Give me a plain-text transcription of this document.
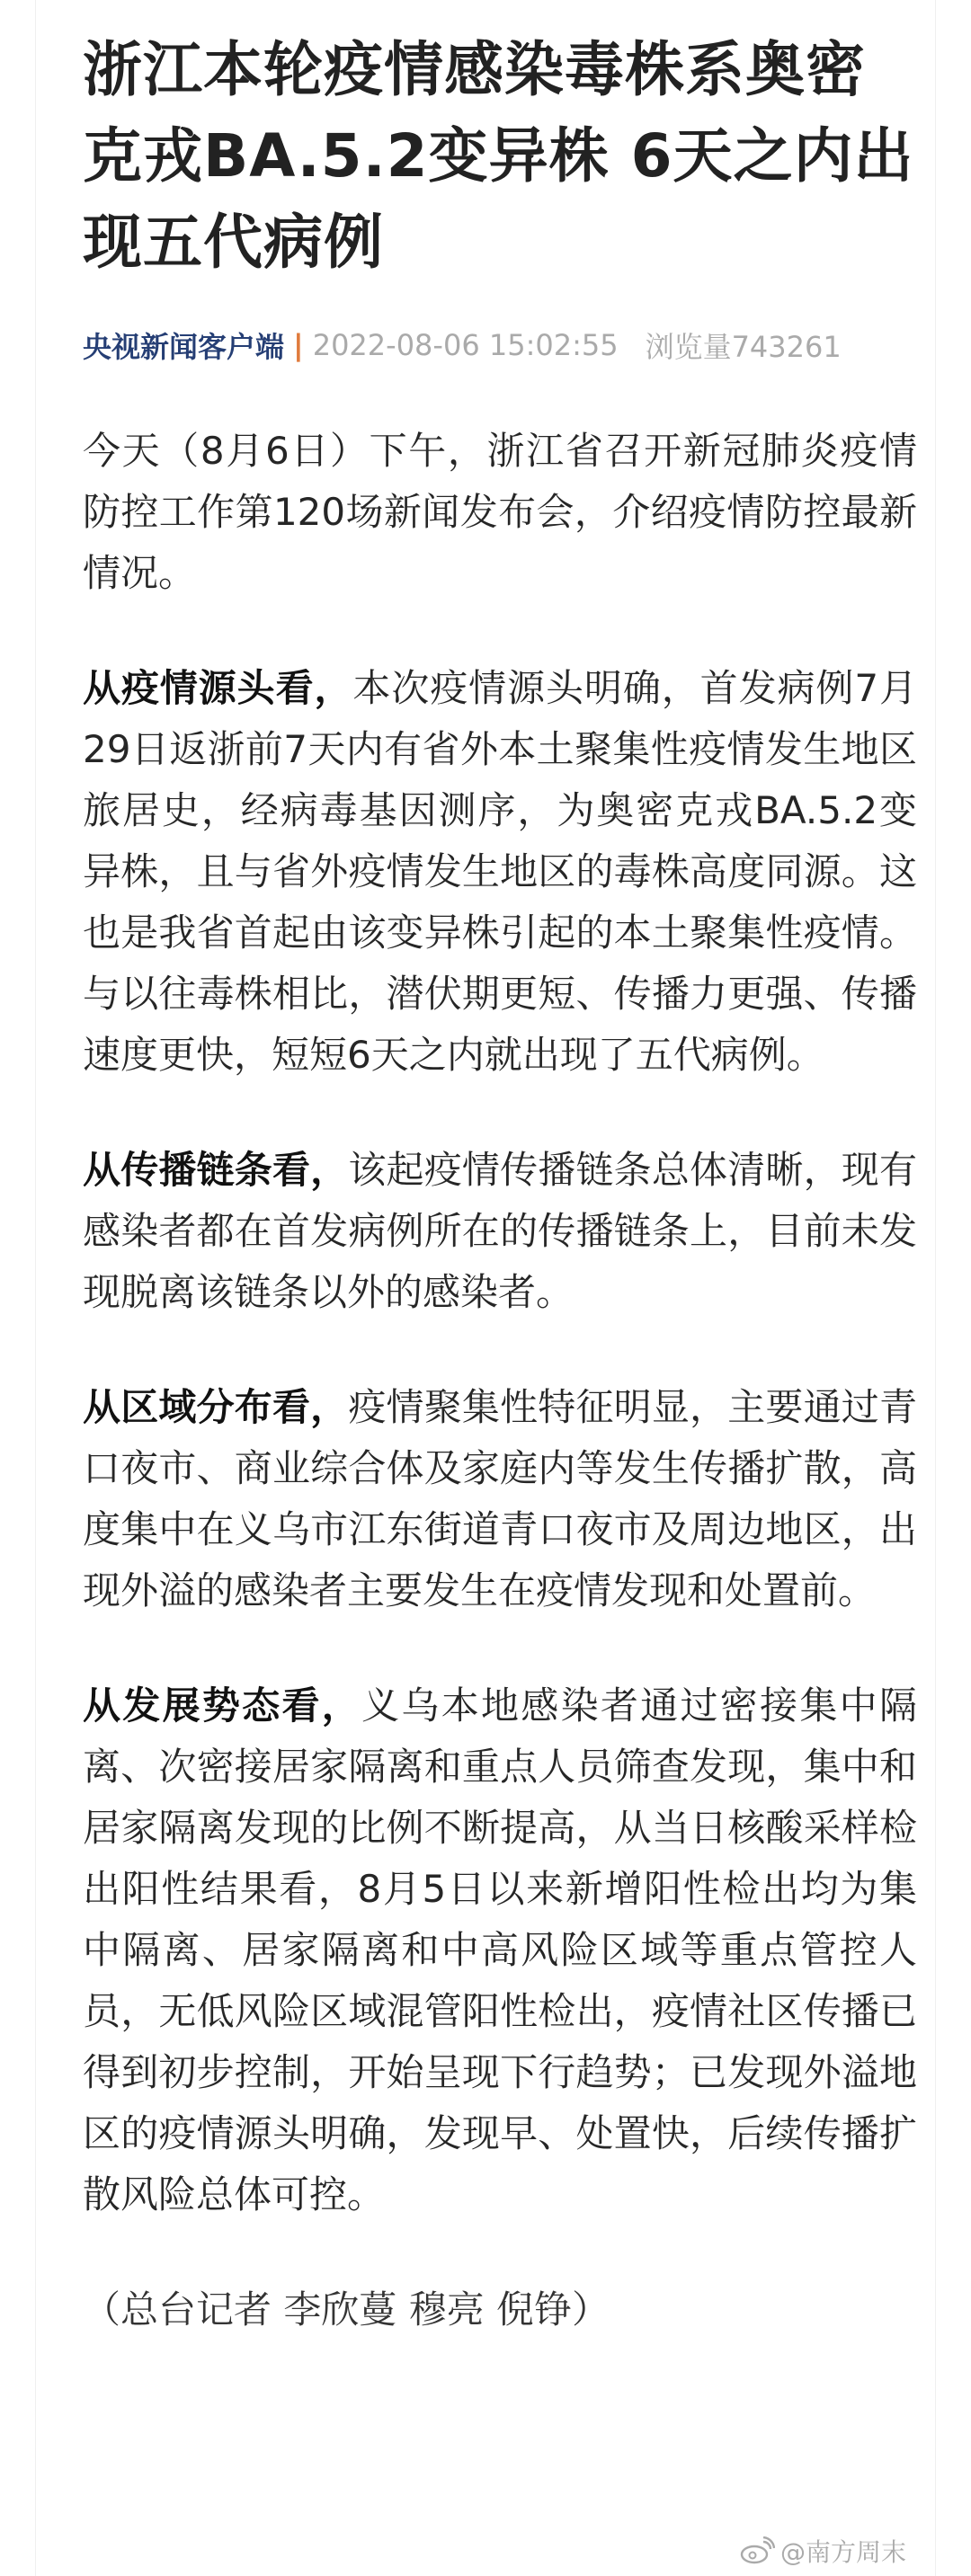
浙江本轮疫情感染毒株系奥密克戎BA.5.2变异株 6天之内出现五代病例
央视新闻客户端 | 2022-08-06 15:02:55 浏览量743261

今天（8月6日）下午，浙江省召开新冠肺炎疫情防控工作第120场新闻发布会，介绍疫情防控最新情况。

从疫情源头看，本次疫情源头明确，首发病例7月29日返浙前7天内有省外本土聚集性疫情发生地区旅居史，经病毒基因测序，为奥密克戎BA.5.2变异株，且与省外疫情发生地区的毒株高度同源。这也是我省首起由该变异株引起的本土聚集性疫情。与以往毒株相比，潜伏期更短、传播力更强、传播速度更快，短短6天之内就出现了五代病例。

从传播链条看，该起疫情传播链条总体清晰，现有感染者都在首发病例所在的传播链条上，目前未发现脱离该链条以外的感染者。

从区域分布看，疫情聚集性特征明显，主要通过青口夜市、商业综合体及家庭内等发生传播扩散，高度集中在义乌市江东街道青口夜市及周边地区，出现外溢的感染者主要发生在疫情发现和处置前。

从发展势态看，义乌本地感染者通过密接集中隔离、次密接居家隔离和重点人员筛查发现，集中和居家隔离发现的比例不断提高，从当日核酸采样检出阳性结果看，8月5日以来新增阳性检出均为集中隔离、居家隔离和中高风险区域等重点管控人员，无低风险区域混管阳性检出，疫情社区传播已得到初步控制，开始呈现下行趋势；已发现外溢地区的疫情源头明确，发现早、处置快，后续传播扩散风险总体可控。

（总台记者 李欣蔓 穆亮 倪铮）

@南方周末
